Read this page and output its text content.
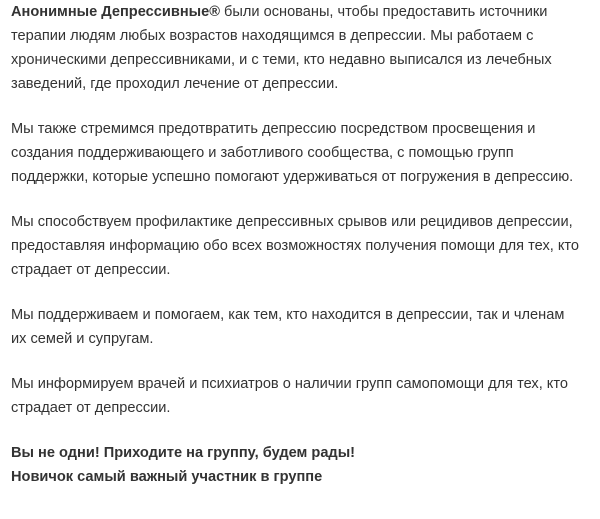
Анонимные Депрессивные® были основаны, чтобы предоставить источники
терапии людям любых возрастов находящимся в депрессии. Мы работаем с
хроническими депрессивниками, и с теми, кто недавно выписался из лечебных
заведений, где проходил лечение от депрессии.

Мы также стремимся предотвратить депрессию посредством просвещения и
создания поддерживающего и заботливого сообщества, с помощью групп
поддержки, которые успешно помогают удерживаться от погружения в депрессию.

Мы способствуем профилактике депрессивных срывов или рецидивов депрессии,
предоставляя информацию обо всех возможностях получения помощи для тех, кто
страдает от депрессии.

Мы поддерживаем и помогаем, как тем, кто находится в депрессии, так и членам
их семей и супругам.

Мы информируем врачей и психиатров о наличии групп самопомощи для тех, кто
страдает от депрессии.

Вы не одни! Приходите на группу, будем рады!
Новичок самый важный участник в группе
